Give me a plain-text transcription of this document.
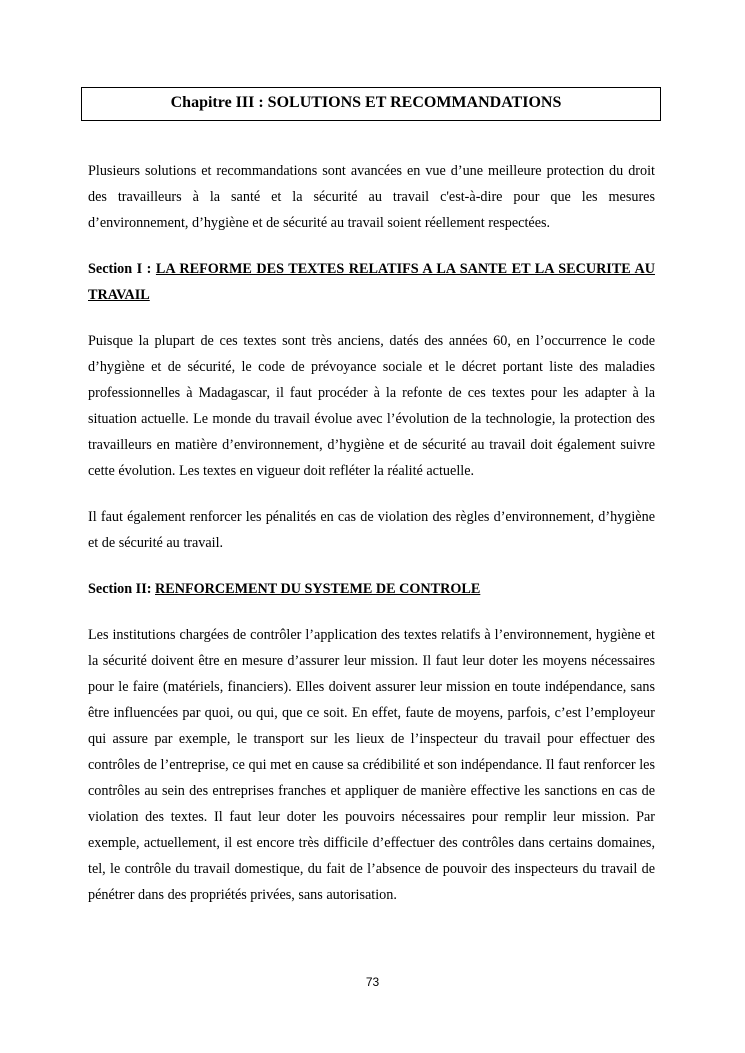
Chapitre III : SOLUTIONS ET RECOMMANDATIONS

Plusieurs solutions et recommandations sont avancées en vue d’une meilleure protection du droit des travailleurs à la santé et la sécurité au travail c'est-à-dire pour que les mesures d’environnement, d’hygiène et de sécurité au travail soient réellement respectées.

Section I : LA REFORME DES TEXTES RELATIFS A LA SANTE ET LA SECURITE AU TRAVAIL

Puisque la plupart de ces textes sont très anciens, datés des années 60, en l’occurrence le code d’hygiène et de sécurité, le code de prévoyance sociale et le décret portant liste des maladies professionnelles à Madagascar, il faut procéder à la refonte de ces textes pour les adapter à la situation actuelle. Le monde du travail évolue avec l’évolution de la technologie, la protection des travailleurs en matière d’environnement, d’hygiène et de sécurité au travail doit également suivre cette évolution. Les textes en vigueur doit refléter la réalité actuelle.

Il faut également renforcer les pénalités en cas de violation des règles d’environnement, d’hygiène et de sécurité au travail.

Section II: RENFORCEMENT DU SYSTEME DE CONTROLE

Les institutions chargées de contrôler l’application des textes relatifs à l’environnement, hygiène et la sécurité doivent être en mesure d’assurer leur mission. Il faut leur doter les moyens nécessaires pour le faire (matériels, financiers). Elles doivent assurer leur mission en toute indépendance, sans être influencées par quoi, ou qui, que ce soit. En effet, faute de moyens, parfois, c’est l’employeur qui assure par exemple, le transport sur les lieux de l’inspecteur du travail pour effectuer des contrôles de l’entreprise, ce qui met en cause sa crédibilité et son indépendance. Il faut renforcer les contrôles au sein des entreprises franches et appliquer de manière effective les sanctions en cas de violation des textes. Il faut leur doter les pouvoirs nécessaires pour remplir leur mission. Par exemple, actuellement, il est encore très difficile d’effectuer des contrôles dans certains domaines, tel, le contrôle du travail domestique, du fait de l’absence de pouvoir des inspecteurs du travail de pénétrer dans des propriétés privées, sans autorisation.

73
